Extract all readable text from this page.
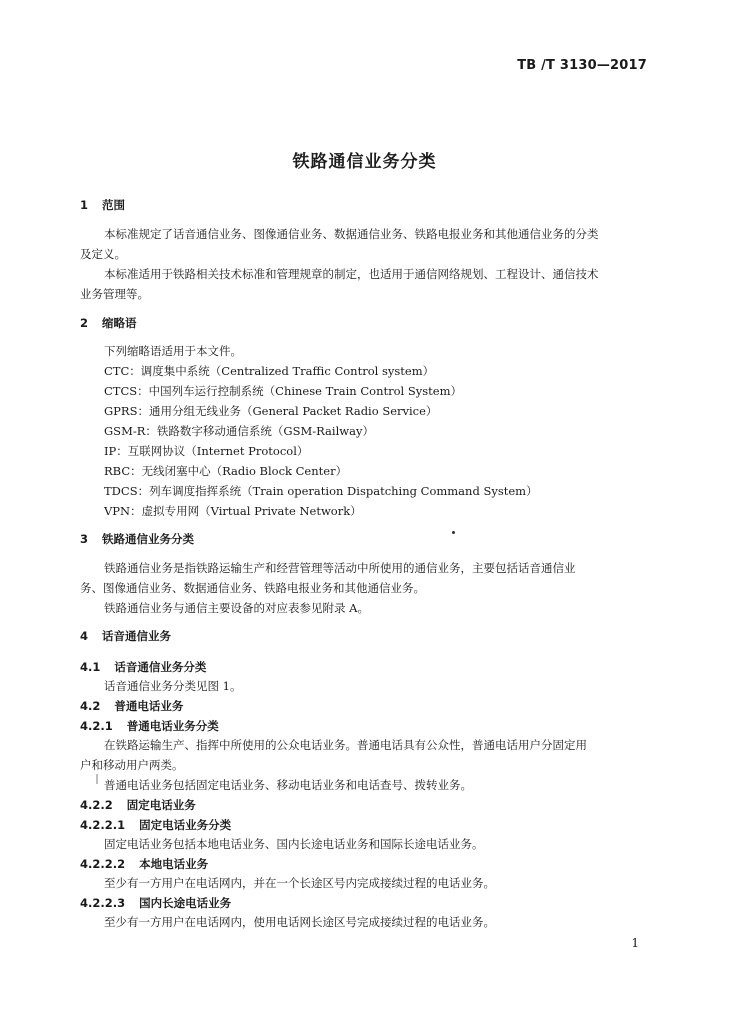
TB /T 3130—2017
铁路通信业务分类
1 范围
本标准规定了话音通信业务、图像通信业务、数据通信业务、铁路电报业务和其他通信业务的分类
及定义。
本标准适用于铁路相关技术标准和管理规章的制定，也适用于通信网络规划、工程设计、通信技术
业务管理等。
2 缩略语
下列缩略语适用于本文件。
CTC：调度集中系统（Centralized Traffic Control system）
CTCS：中国列车运行控制系统（Chinese Train Control System）
GPRS：通用分组无线业务（General Packet Radio Service）
GSM-R：铁路数字移动通信系统（GSM-Railway）
IP：互联网协议（Internet Protocol）
RBC：无线闭塞中心（Radio Block Center）
TDCS：列车调度指挥系统（Train operation Dispatching Command System）
VPN：虚拟专用网（Virtual Private Network）
3 铁路通信业务分类
铁路通信业务是指铁路运输生产和经营管理等活动中所使用的通信业务，主要包括话音通信业
务、图像通信业务、数据通信业务、铁路电报业务和其他通信业务。
铁路通信业务与通信主要设备的对应表参见附录 A。
4 话音通信业务
4.1 话音通信业务分类
话音通信业务分类见图 1。
4.2 普通电话业务
4.2.1 普通电话业务分类
在铁路运输生产、指挥中所使用的公众电话业务。普通电话具有公众性，普通电话用户分固定用
户和移动用户两类。
普通电话业务包括固定电话业务、移动电话业务和电话查号、拨转业务。
4.2.2 固定电话业务
4.2.2.1 固定电话业务分类
固定电话业务包括本地电话业务、国内长途电话业务和国际长途电话业务。
4.2.2.2 本地电话业务
至少有一方用户在电话网内，并在一个长途区号内完成接续过程的电话业务。
4.2.2.3 国内长途电话业务
至少有一方用户在电话网内，使用电话网长途区号完成接续过程的电话业务。
1
